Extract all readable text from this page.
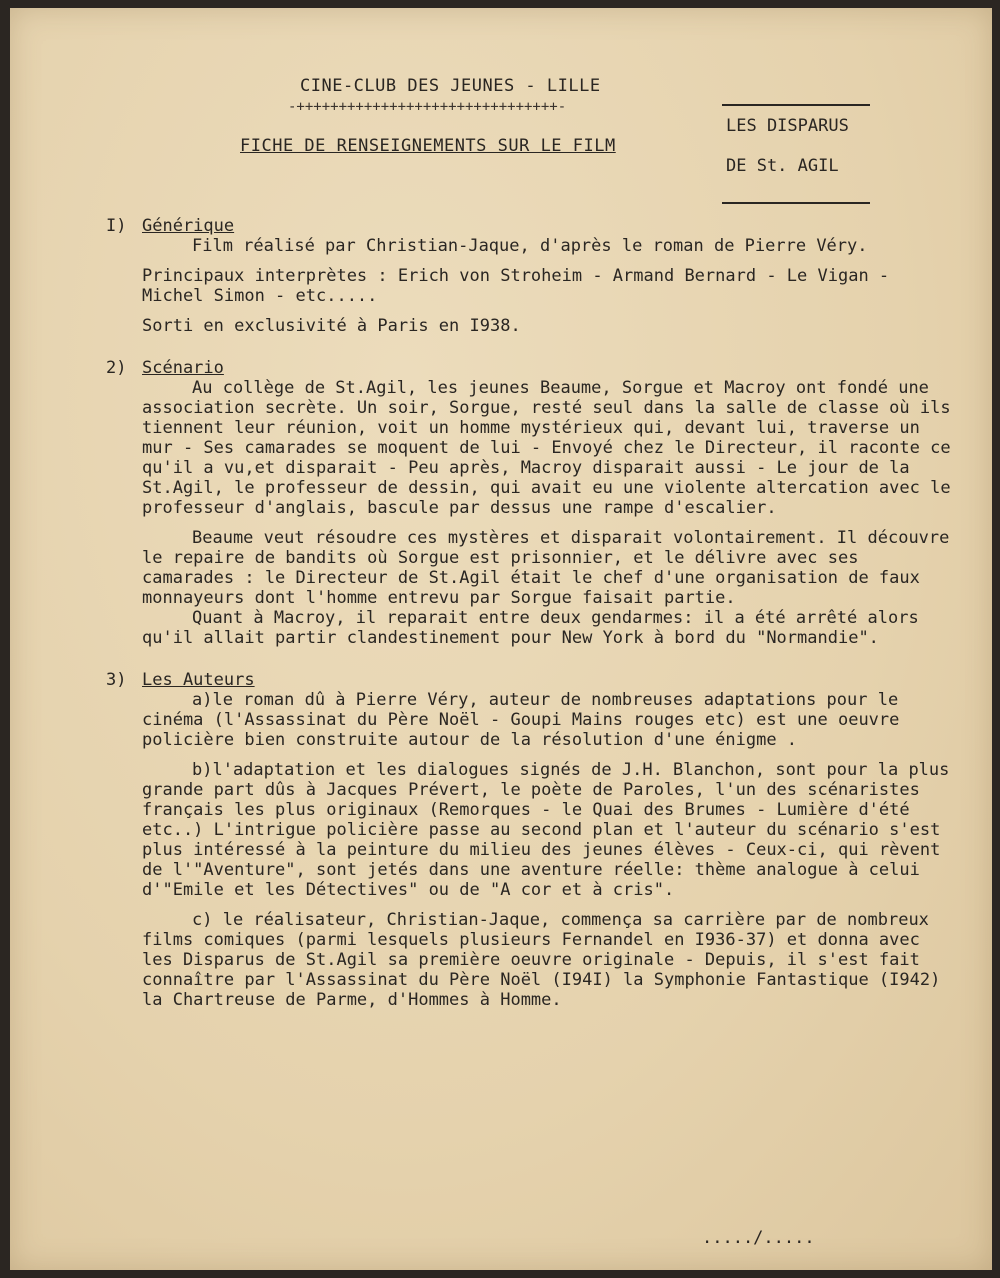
CINE-CLUB DES JEUNES - LILLE
-+++++++++++++++++++++++++++++++-
FICHE DE RENSEIGNEMENTS SUR LE FILM
LES DISPARUS
DE St. AGIL
I) Générique
Film réalisé par Christian-Jaque, d'après le roman de Pierre Véry.
Principaux interprètes : Erich von Stroheim - Armand Bernard - Le Vigan - Michel Simon - etc.....
Sorti en exclusivité à Paris en I938.
2) Scénario
Au collège de St.Agil, les jeunes Beaume, Sorgue et Macroy ont fondé une association secrète. Un soir, Sorgue, resté seul dans la salle de classe où ils tiennent leur réunion, voit un homme mystérieux qui, devant lui, traverse un mur - Ses camarades se moquent de lui - Envoyé chez le Directeur, il raconte ce qu'il a vu,et disparait - Peu après, Macroy disparait aussi - Le jour de la St.Agil, le professeur de dessin, qui avait eu une violente altercation avec le professeur d'anglais, bascule par dessus une rampe d'escalier.
Beaume veut résoudre ces mystères et disparait volontairement. Il découvre le repaire de bandits où Sorgue est prisonnier, et le délivre avec ses camarades : le Directeur de St.Agil était le chef d'une organisation de faux monnayeurs dont l'homme entrevu par Sorgue faisait partie.
Quant à Macroy, il reparait entre deux gendarmes: il a été arrêté alors qu'il allait partir clandestinement pour New York à bord du "Normandie".
3) Les Auteurs
a)le roman dû à Pierre Véry, auteur de nombreuses adaptations pour le cinéma (l'Assassinat du Père Noël - Goupi Mains rouges etc) est une oeuvre policière bien construite autour de la résolution d'une énigme .
b)l'adaptation et les dialogues signés de J.H. Blanchon, sont pour la plus grande part dûs à Jacques Prévert, le poète de Paroles, l'un des scénaristes français les plus originaux (Remorques - le Quai des Brumes - Lumière d'été etc..) L'intrigue policière passe au second plan et l'auteur du scénario s'est plus intéressé à la peinture du milieu des jeunes élèves - Ceux-ci, qui rèvent de l'"Aventure", sont jetés dans une aventure réelle: thème analogue à celui d'"Emile et les Détectives" ou de "A cor et à cris".
c) le réalisateur, Christian-Jaque, commença sa carrière par de nombreux films comiques (parmi lesquels plusieurs Fernandel en I936-37) et donna avec les Disparus de St.Agil sa première oeuvre originale - Depuis, il s'est fait connaître par l'Assassinat du Père Noël (I94I) la Symphonie Fantastique (I942) la Chartreuse de Parme, d'Hommes à Homme.
...../.....
